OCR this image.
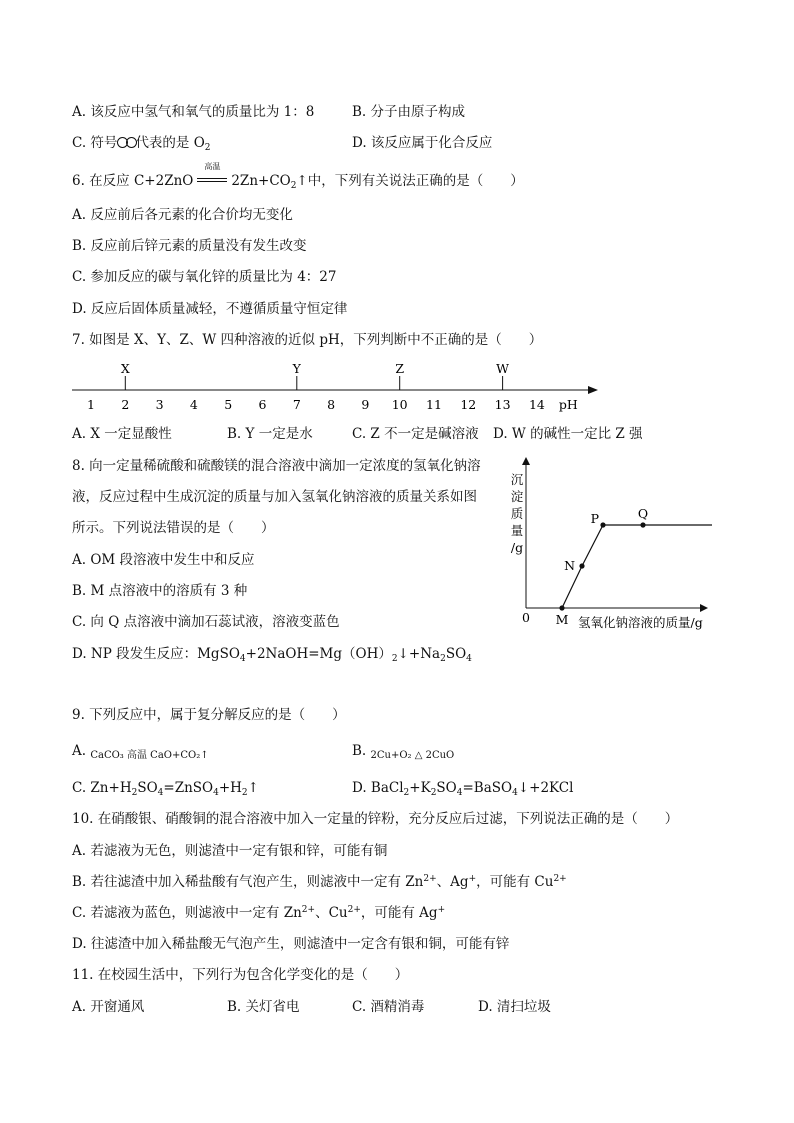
A. 该反应中氢气和氧气的质量比为 1：8	B. 分子由原子构成
C. 符号 代表的是 $O_2$	D. 该反应属于化合反应
6. 在反应 C+2ZnO
高温
$2Zn+CO_2↑$中，下列有关说法正确的是（　　）
A. 反应前后各元素的化合价均无变化
B. 反应前后锌元素的质量没有发生改变
C. 参加反应的碳与氧化锌的质量比为 4：27
D. 反应后固体质量减轻，不遵循质量守恒定律
7. 如图是 X、Y、Z、W 四种溶液的近似 pH，下列判断中不正确的是（　　）
1 2 3 4 5 6 7 8 9 10 11 12 13 14 pH
X	Y	Z	W
A. X 一定显酸性	B. Y 一定是水	C. Z 不一定是碱溶液 D. W 的碱性一定比 Z 强
8. 向一定量稀硫酸和硫酸镁的混合溶液中滴加一定浓度的氢氧化钠溶
液，反应过程中生成沉淀的质量与加入氢氧化钠溶液的质量关系如图
所示。下列说法错误的是（　　）
A. OM 段溶液中发生中和反应
B. M 点溶液中的溶质有 3 种
C. 向 Q 点溶液中滴加石蕊试液，溶液变蓝色
D. NP 段发生反应：$MgSO_4+2NaOH=Mg(OH)_2↓+Na_2SO_4$
沉
淀
质
量
/g
氢氧化钠溶液的质量/g
0 M
N
P	Q
9. 下列反应中，属于复分解反应的是（　　）
A. CaCO₃ 高温 CaO+CO₂↑	B. 2Cu+O₂ △ 2CuO
C. $Zn+H_2SO_4=ZnSO_4+H_2↑$	D. $BaCl_2+K_2SO_4=BaSO_4↓+2KCl$
10. 在硝酸银、硝酸铜的混合溶液中加入一定量的锌粉，充分反应后过滤，下列说法正确的是（　　）
A. 若滤液为无色，则滤渣中一定有银和锌，可能有铜
B. 若往滤渣中加入稀盐酸有气泡产生，则滤液中一定有 $Zn^{2+}$、Ag+，可能有 $Cu^{2+}$
C. 若滤液为蓝色，则滤液中一定有 $Zn^{2+}$、$Cu^{2+}$，可能有 Ag+
D. 往滤渣中加入稀盐酸无气泡产生，则滤渣中一定含有银和铜，可能有锌
11. 在校园生活中，下列行为包含化学变化的是（　　）
A. 开窗通风	B. 关灯省电	C. 酒精消毒	D. 清扫垃圾
